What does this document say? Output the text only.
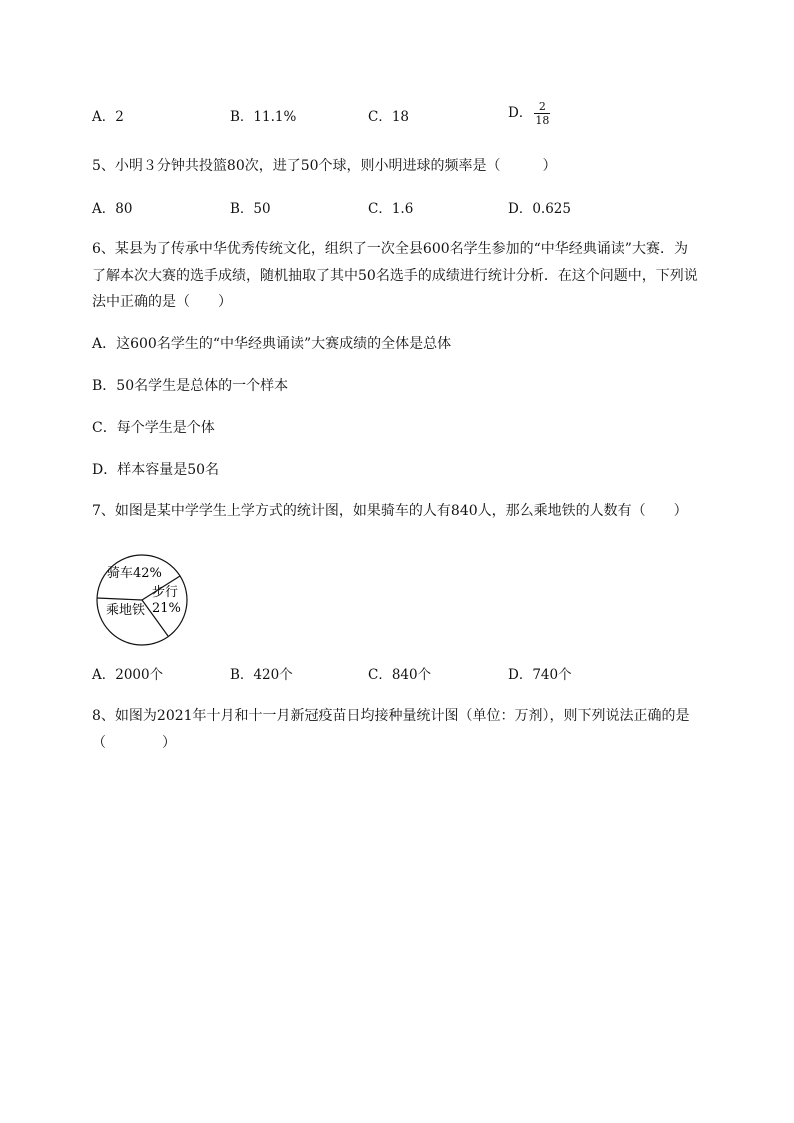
A．2	B．11.1%	C．18	D． $\frac{2}{18}$
5、小明３分钟共投篮80次，进了50个球，则小明进球的频率是（　　　）
A．80	B．50	C．1.6	D．0.625
6、某县为了传承中华优秀传统文化，组织了一次全县600名学生参加的“中华经典诵读”大赛．为
了解本次大赛的选手成绩，随机抽取了其中50名选手的成绩进行统计分析．在这个问题中，下列说
法中正确的是（　　）
A．这600名学生的“中华经典诵读”大赛成绩的全体是总体
B．50名学生是总体的一个样本
C．每个学生是个体
D．样本容量是50名
7、如图是某中学学生上学方式的统计图，如果骑车的人有840人，那么乘地铁的人数有（　　）
骑车42%
步行
21%
乘地铁
A．2000个	B．420个	C．840个	D．740个
8、如图为2021年十月和十一月新冠疫苗日均接种量统计图（单位：万剂），则下列说法正确的是
（　　　　）
